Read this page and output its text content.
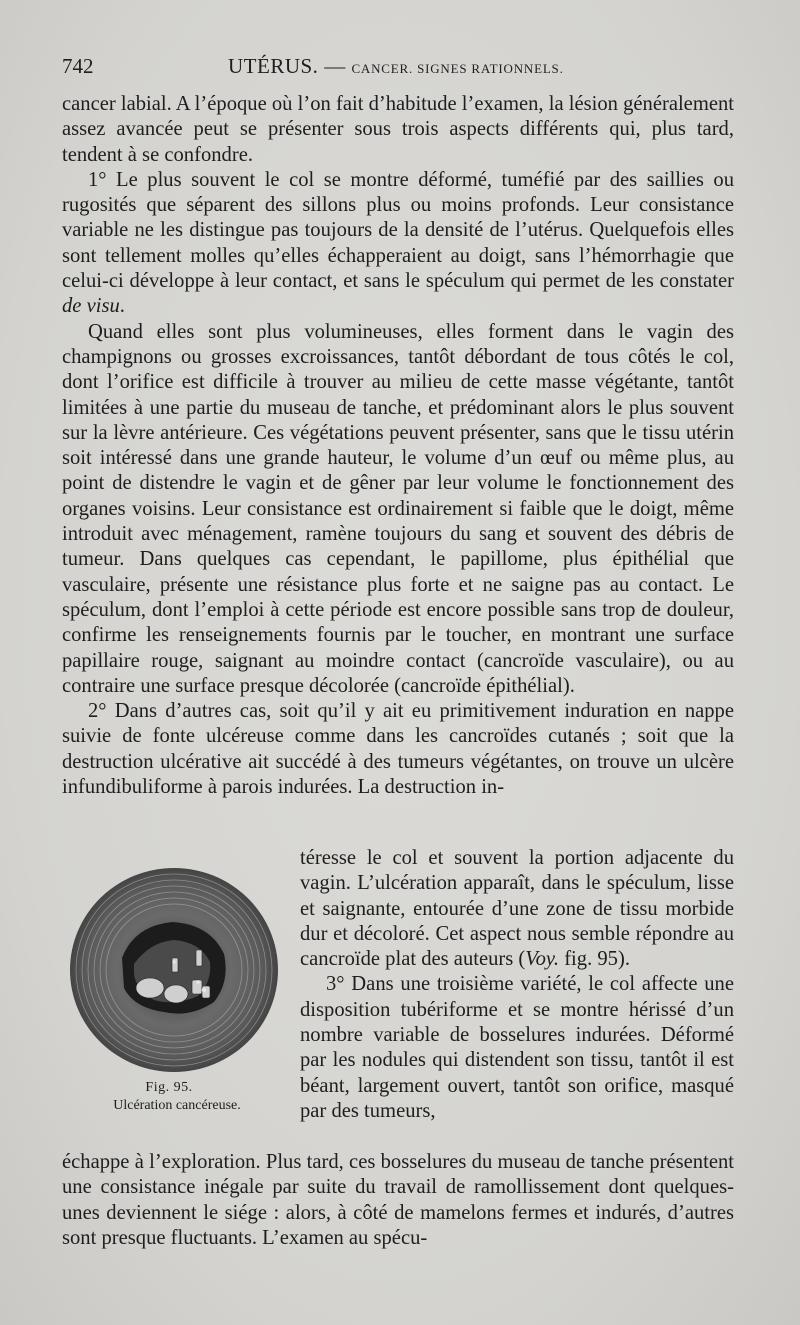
742	UTÉRUS. — CANCER. SIGNES RATIONNELS.

cancer labial. A l’époque où l’on fait d’habitude l’examen, la lésion généralement assez avancée peut se présenter sous trois aspects différents qui, plus tard, tendent à se confondre.

1° Le plus souvent le col se montre déformé, tuméfié par des saillies ou rugosités que séparent des sillons plus ou moins profonds. Leur consistance variable ne les distingue pas toujours de la densité de l’utérus. Quelquefois elles sont tellement molles qu’elles échapperaient au doigt, sans l’hémorrhagie que celui-ci développe à leur contact, et sans le spéculum qui permet de les constater de visu.

Quand elles sont plus volumineuses, elles forment dans le vagin des champignons ou grosses excroissances, tantôt débordant de tous côtés le col, dont l’orifice est difficile à trouver au milieu de cette masse végétante, tantôt limitées à une partie du museau de tanche, et prédominant alors le plus souvent sur la lèvre antérieure. Ces végétations peuvent présenter, sans que le tissu utérin soit intéressé dans une grande hauteur, le volume d’un œuf ou même plus, au point de distendre le vagin et de gêner par leur volume le fonctionnement des organes voisins. Leur consistance est ordinairement si faible que le doigt, même introduit avec ménagement, ramène toujours du sang et souvent des débris de tumeur. Dans quelques cas cependant, le papillome, plus épithélial que vasculaire, présente une résistance plus forte et ne saigne pas au contact. Le spéculum, dont l’emploi à cette période est encore possible sans trop de douleur, confirme les renseignements fournis par le toucher, en montrant une surface papillaire rouge, saignant au moindre contact (cancroïde vasculaire), ou au contraire une surface presque décolorée (cancroïde épithélial).

2° Dans d’autres cas, soit qu’il y ait eu primitivement induration en nappe suivie de fonte ulcéreuse comme dans les cancroïdes cutanés ; soit que la destruction ulcérative ait succédé à des tumeurs végétantes, on trouve un ulcère infundibuliforme à parois indurées. La destruction in-

Fig. 95.
Ulcération cancéreuse.

téresse le col et souvent la portion adjacente du vagin. L’ulcération apparaît, dans le spéculum, lisse et saignante, entourée d’une zone de tissu morbide dur et décoloré. Cet aspect nous semble répondre au cancroïde plat des auteurs (Voy. fig. 95).

3° Dans une troisième variété, le col affecte une disposition tubériforme et se montre hérissé d’un nombre variable de bosselures indurées. Déformé par les nodules qui distendent son tissu, tantôt il est béant, largement ouvert, tantôt son orifice, masqué par des tumeurs,

échappe à l’exploration. Plus tard, ces bosselures du museau de tanche présentent une consistance inégale par suite du travail de ramollissement dont quelques-unes deviennent le siége : alors, à côté de mamelons fermes et indurés, d’autres sont presque fluctuants. L’examen au spécu-
